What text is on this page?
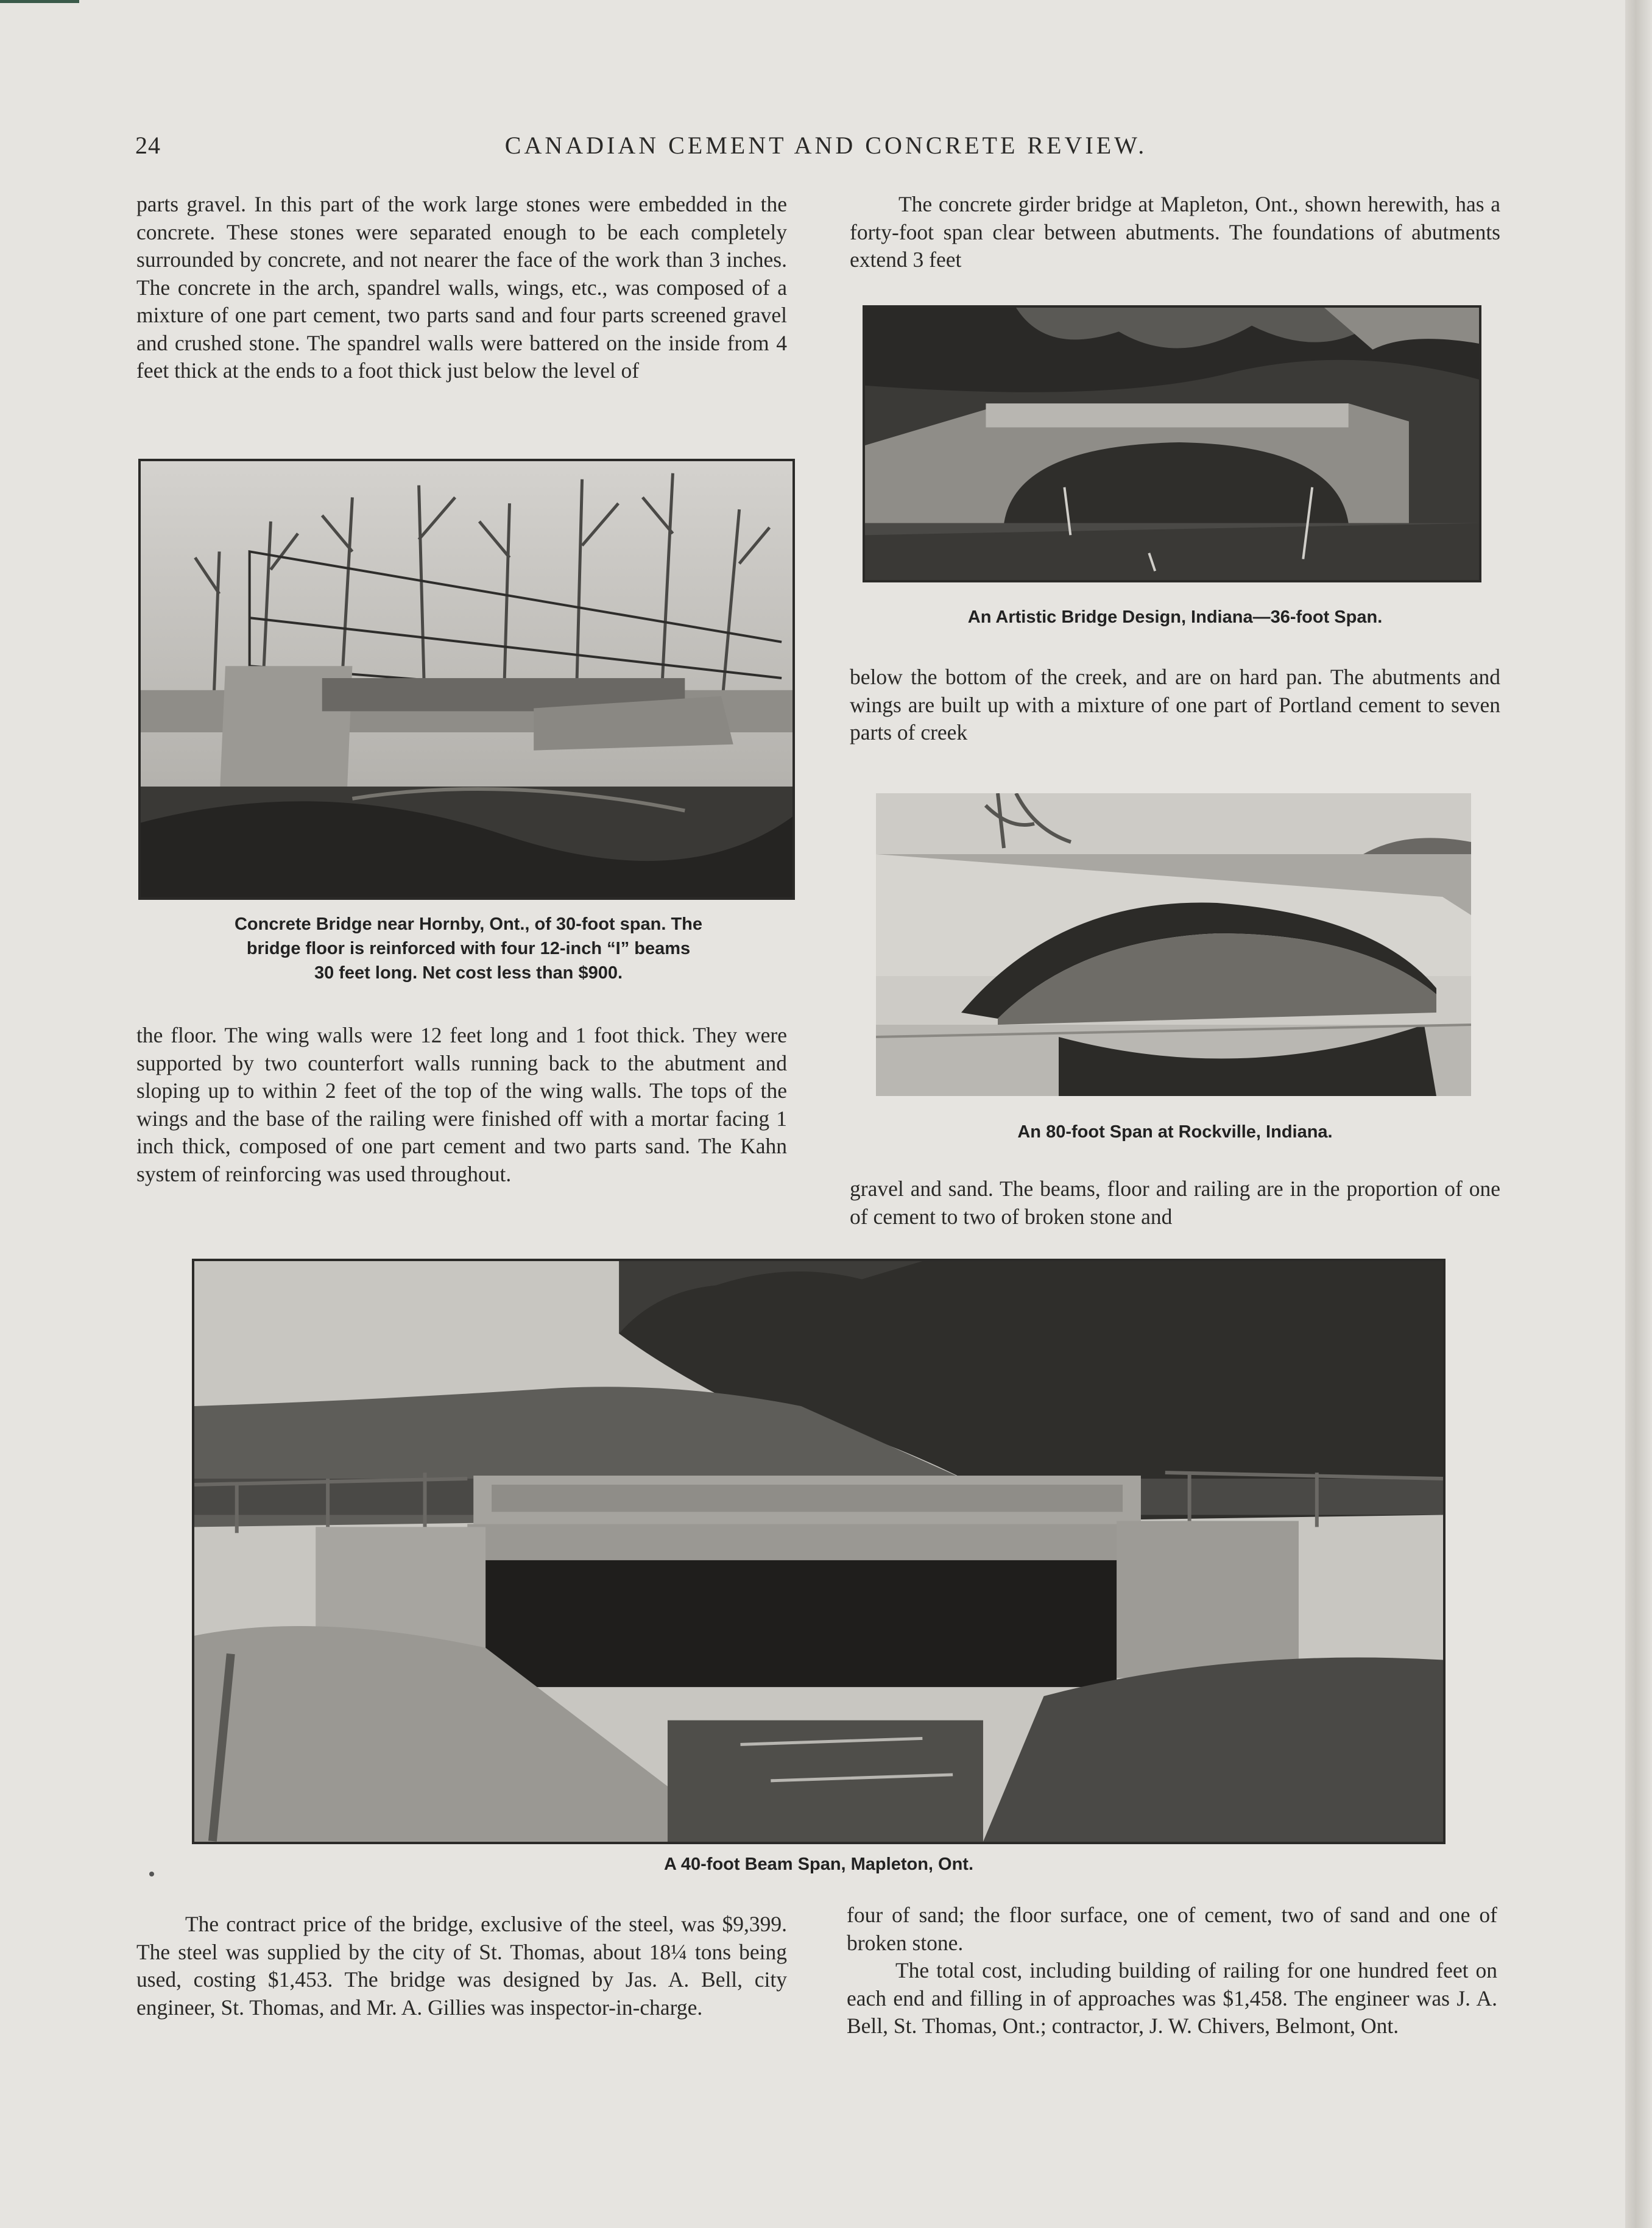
CANADIAN CEMENT AND CONCRETE REVIEW.
24

parts gravel. In this part of the work large stones were embedded in the concrete. These stones were separated enough to be each completely surrounded by concrete, and not nearer the face of the work than 3 inches. The concrete in the arch, spandrel walls, wings, etc., was composed of a mixture of one part cement, two parts sand and four parts screened gravel and crushed stone. The spandrel walls were battered on the inside from 4 feet thick at the ends to a foot thick just below the level of

The concrete girder bridge at Mapleton, Ont., shown herewith, has a forty-foot span clear between abutments. The foundations of abutments extend 3 feet

Concrete Bridge near Hornby, Ont., of 30-foot span. The
bridge floor is reinforced with four 12-inch “I” beams
30 feet long. Net cost less than $900.

the floor. The wing walls were 12 feet long and 1 foot thick. They were supported by two counterfort walls running back to the abutment and sloping up to within 2 feet of the top of the wing walls. The tops of the wings and the base of the railing were finished off with a mortar facing 1 inch thick, composed of one part cement and two parts sand. The Kahn system of reinforcing was used throughout.

An Artistic Bridge Design, Indiana—36-foot Span.

below the bottom of the creek, and are on hard pan. The abutments and wings are built up with a mixture of one part of Portland cement to seven parts of creek

An 80-foot Span at Rockville, Indiana.

gravel and sand. The beams, floor and railing are in the proportion of one of cement to two of broken stone and

A 40-foot Beam Span, Mapleton, Ont.

The contract price of the bridge, exclusive of the steel, was $9,399. The steel was supplied by the city of St. Thomas, about 18¼ tons being used, costing $1,453. The bridge was designed by Jas. A. Bell, city engineer, St. Thomas, and Mr. A. Gillies was inspector-in-charge.

four of sand; the floor surface, one of cement, two of sand and one of broken stone.

The total cost, including building of railing for one hundred feet on each end and filling in of approaches was $1,458. The engineer was J. A. Bell, St. Thomas, Ont.; contractor, J. W. Chivers, Belmont, Ont.
